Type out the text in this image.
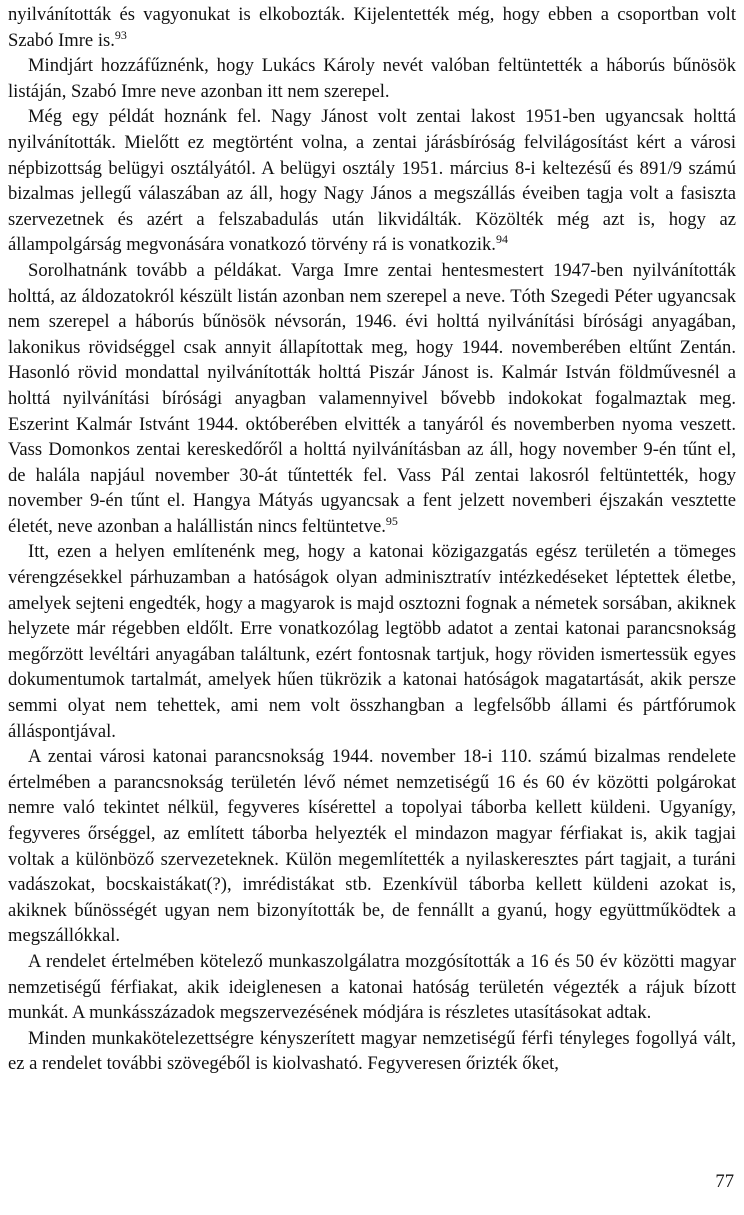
nyilvánították és vagyonukat is elkobozták. Kijelentették még, hogy ebben a csoportban volt Szabó Imre is.$^{93}$

Mindjárt hozzáfűznénk, hogy Lukács Károly nevét valóban feltüntették a háborús bűnösök listáján, Szabó Imre neve azonban itt nem szerepel.

Még egy példát hoznánk fel. Nagy Jánost volt zentai lakost 1951-ben ugyancsak holttá nyilvánították. Mielőtt ez megtörtént volna, a zentai járásbíróság felvilágosítást kért a városi népbizottság belügyi osztályától. A belügyi osztály 1951. március 8-i keltezésű és 891/9 számú bizalmas jellegű válaszában az áll, hogy Nagy János a megszállás éveiben tagja volt a fasiszta szervezetnek és azért a felszabadulás után likvidálták. Közölték még azt is, hogy az állampolgárság megvonására vonatkozó törvény rá is vonatkozik.$^{94}$

Sorolhatnánk tovább a példákat. Varga Imre zentai hentesmestert 1947-ben nyilvánították holttá, az áldozatokról készült listán azonban nem szerepel a neve. Tóth Szegedi Péter ugyancsak nem szerepel a háborús bűnösök névsorán, 1946. évi holttá nyilvánítási bírósági anyagában, lakonikus rövidséggel csak annyit állapítottak meg, hogy 1944. novemberében eltűnt Zentán. Hasonló rövid mondattal nyilvánították holttá Piszár Jánost is. Kalmár István földművesnél a holttá nyilvánítási bírósági anyagban valamennyivel bővebb indokokat fogalmaztak meg. Eszerint Kalmár Istvánt 1944. októberében elvitték a tanyáról és novemberben nyoma veszett. Vass Domonkos zentai kereskedőről a holttá nyilvánításban az áll, hogy november 9-én tűnt el, de halála napjául november 30-át tűntették fel. Vass Pál zentai lakosról feltüntették, hogy november 9-én tűnt el. Hangya Mátyás ugyancsak a fent jelzett novemberi éjszakán vesztette életét, neve azonban a halállistán nincs feltüntetve.$^{95}$

Itt, ezen a helyen említenénk meg, hogy a katonai közigazgatás egész területén a tömeges vérengzésekkel párhuzamban a hatóságok olyan adminisztratív intézkedéseket léptettek életbe, amelyek sejteni engedték, hogy a magyarok is majd osztozni fognak a németek sorsában, akiknek helyzete már régebben eldőlt. Erre vonatkozólag legtöbb adatot a zentai katonai parancsnokság megőrzött levéltári anyagában találtunk, ezért fontosnak tartjuk, hogy röviden ismertessük egyes dokumentumok tartalmát, amelyek hűen tükrözik a katonai hatóságok magatartását, akik persze semmi olyat nem tehettek, ami nem volt összhangban a legfelsőbb állami és pártfórumok álláspontjával.

A zentai városi katonai parancsnokság 1944. november 18-i 110. számú bizalmas rendelete értelmében a parancsnokság területén lévő német nemzetiségű 16 és 60 év közötti polgárokat nemre való tekintet nélkül, fegyveres kísérettel a topolyai táborba kellett küldeni. Ugyanígy, fegyveres őrséggel, az említett táborba helyezték el mindazon magyar férfiakat is, akik tagjai voltak a különböző szervezeteknek. Külön megemlítették a nyilaskeresztes párt tagjait, a turáni vadászokat, bocskaistákat(?), imrédistákat stb. Ezenkívül táborba kellett küldeni azokat is, akiknek bűnösségét ugyan nem bizonyították be, de fennállt a gyanú, hogy együttműködtek a megszállókkal.

A rendelet értelmében kötelező munkaszolgálatra mozgósították a 16 és 50 év közötti magyar nemzetiségű férfiakat, akik ideiglenesen a katonai hatóság területén végezték a rájuk bízott munkát. A munkásszázadok megszervezésének módjára is részletes utasításokat adtak.

Minden munkakötelezettségre kényszerített magyar nemzetiségű férfi tényleges fogollyá vált, ez a rendelet további szövegéből is kiolvasható. Fegyveresen őrizték őket,

77
